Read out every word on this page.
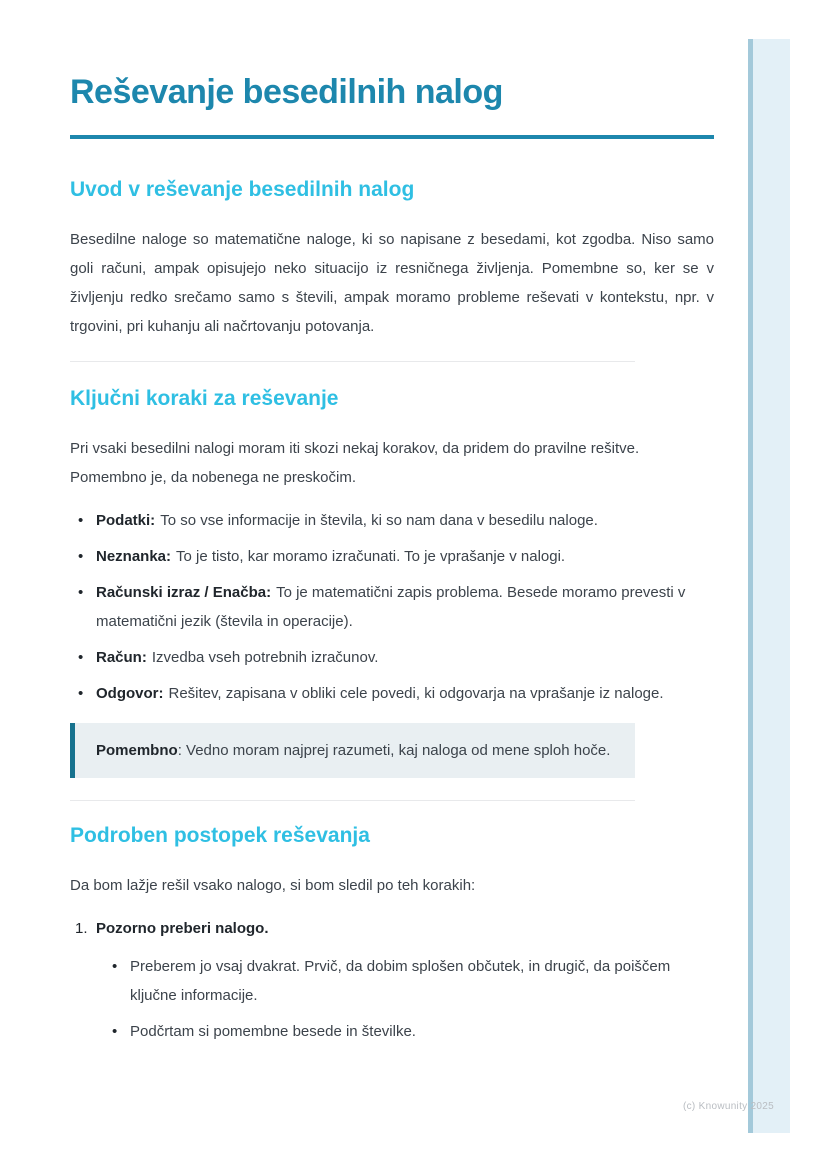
Reševanje besedilnih nalog
Uvod v reševanje besedilnih nalog

Besedilne naloge so matematične naloge, ki so napisane z besedami, kot zgodba. Niso samo goli računi, ampak opisujejo neko situacijo iz resničnega življenja. Pomembne so, ker se v življenju redko srečamo samo s števili, ampak moramo probleme reševati v kontekstu, npr. v trgovini, pri kuhanju ali načrtovanju potovanja.

Ključni koraki za reševanje

Pri vsaki besedilni nalogi moram iti skozi nekaj korakov, da pridem do pravilne rešitve. Pomembno je, da nobenega ne preskočim.

• Podatki: To so vse informacije in števila, ki so nam dana v besedilu naloge.
• Neznanka: To je tisto, kar moramo izračunati. To je vprašanje v nalogi.
• Računski izraz / Enačba: To je matematični zapis problema. Besede moramo prevesti v matematični jezik (števila in operacije).
• Račun: Izvedba vseh potrebnih izračunov.
• Odgovor: Rešitev, zapisana v obliki cele povedi, ki odgovarja na vprašanje iz naloge.

Pomembno: Vedno moram najprej razumeti, kaj naloga od mene sploh hoče.

Podroben postopek reševanja

Da bom lažje rešil vsako nalogo, si bom sledil po teh korakih:

1. Pozorno preberi nalogo.
• Preberem jo vsaj dvakrat. Prvič, da dobim splošen občutek, in drugič, da poiščem ključne informacije.
• Podčrtam si pomembne besede in številke.
(c) Knowunity 2025
